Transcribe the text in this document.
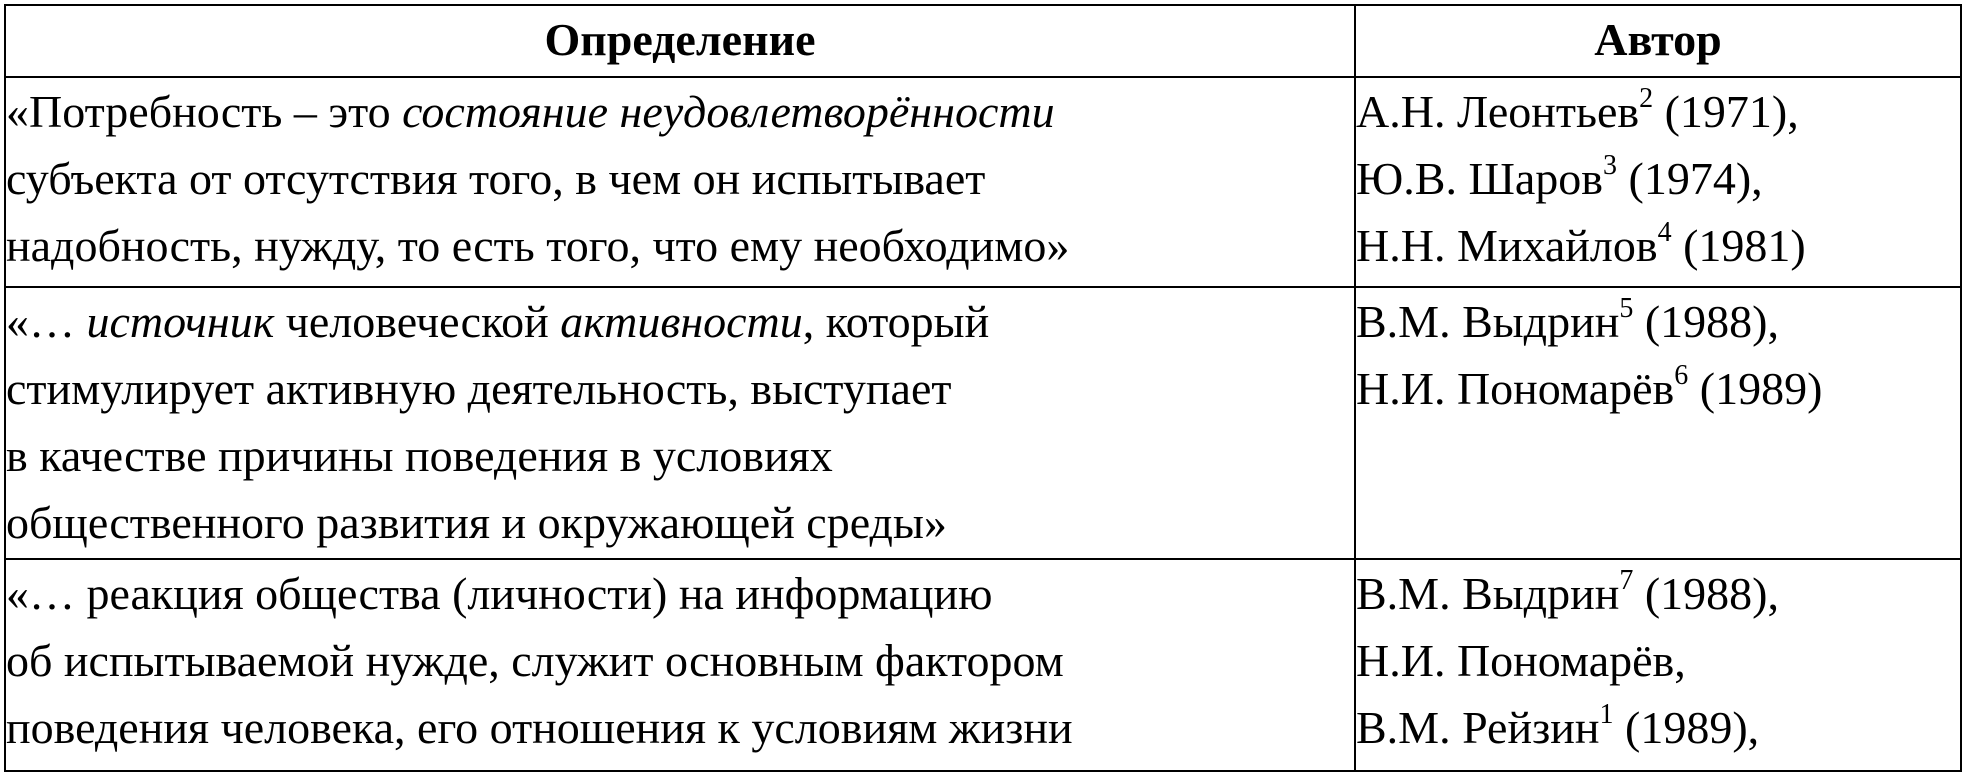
Определение	Автор

«Потребность – это состояние неудовлетворённости
субъекта от отсутствия того, в чем он испытывает
надобность, нужду, то есть того, что ему необходимо»	А.Н. Леонтьев$^2$ (1971),
Ю.В. Шаров$^3$ (1974),
Н.Н. Михайлов$^4$ (1981)

«… источник человеческой активности, который
стимулирует активную деятельность, выступает
в качестве причины поведения в условиях
общественного развития и окружающей среды»	В.М. Выдрин$^5$ (1988),
Н.И. Пономарёв$^6$ (1989)

«… реакция общества (личности) на информацию
об испытываемой нужде, служит основным фактором
поведения человека, его отношения к условиям жизни	В.М. Выдрин$^7$ (1988),
Н.И. Пономарёв,
В.М. Рейзин$^1$ (1989),
